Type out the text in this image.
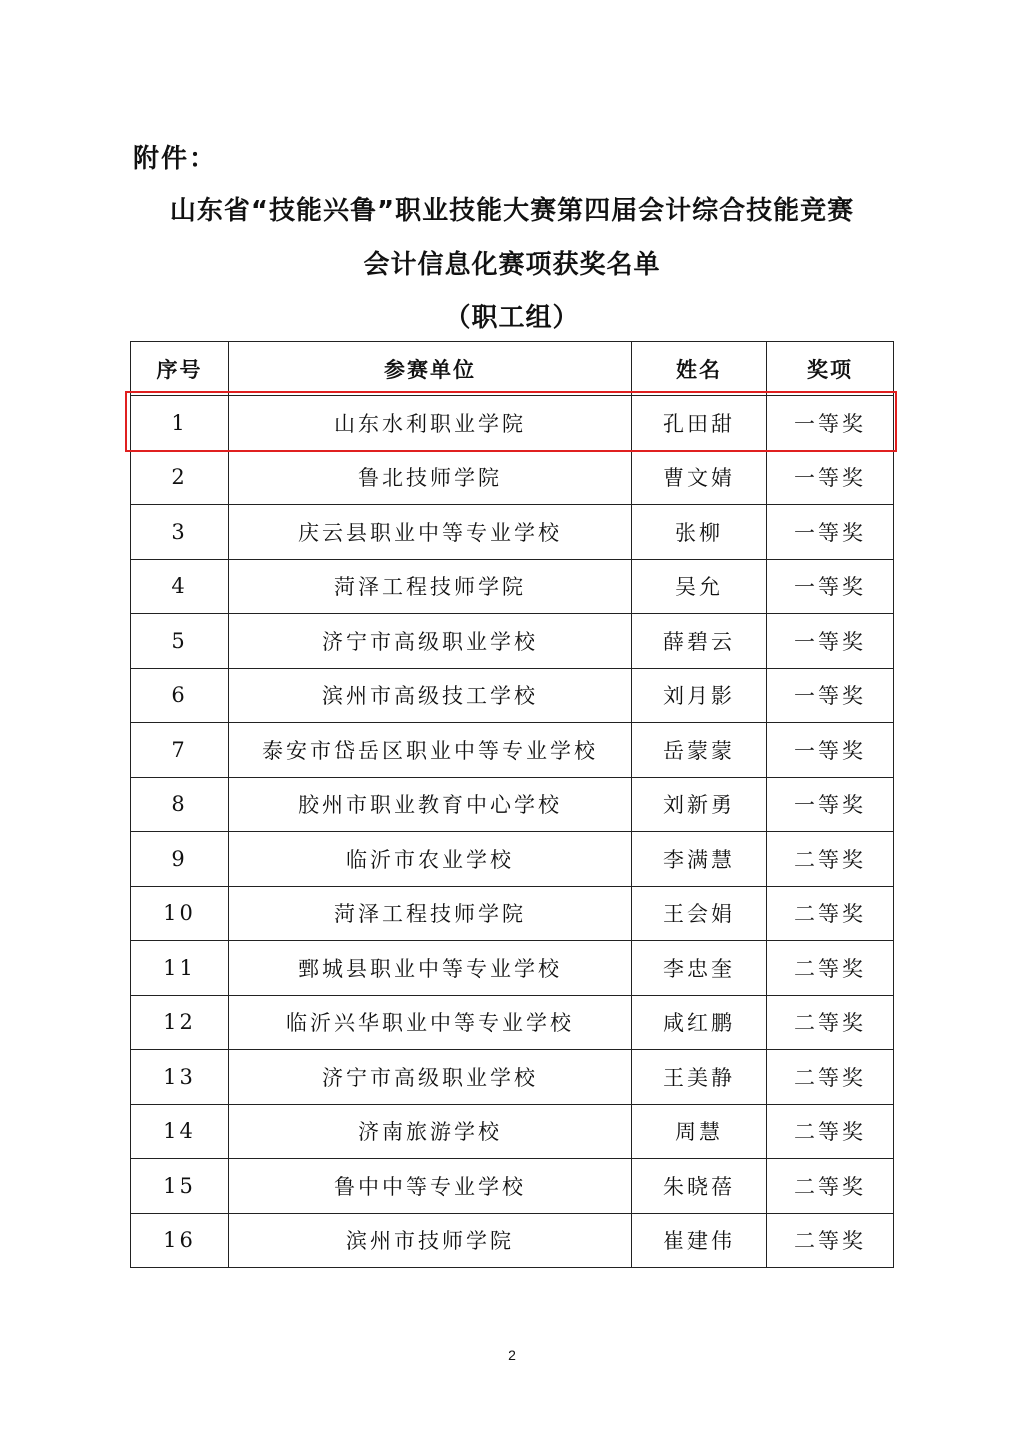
附件：
山东省“技能兴鲁”职业技能大赛第四届会计综合技能竞赛
会计信息化赛项获奖名单
（职工组）
序号	参赛单位	姓名	奖项
1	山东水利职业学院	孔田甜	一等奖
2	鲁北技师学院	曹文婧	一等奖
3	庆云县职业中等专业学校	张柳	一等奖
4	菏泽工程技师学院	吴允	一等奖
5	济宁市高级职业学校	薛碧云	一等奖
6	滨州市高级技工学校	刘月影	一等奖
7	泰安市岱岳区职业中等专业学校	岳蒙蒙	一等奖
8	胶州市职业教育中心学校	刘新勇	一等奖
9	临沂市农业学校	李满慧	二等奖
10	菏泽工程技师学院	王会娟	二等奖
11	鄄城县职业中等专业学校	李忠奎	二等奖
12	临沂兴华职业中等专业学校	咸红鹏	二等奖
13	济宁市高级职业学校	王美静	二等奖
14	济南旅游学校	周慧	二等奖
15	鲁中中等专业学校	朱晓蓓	二等奖
16	滨州市技师学院	崔建伟	二等奖
2
